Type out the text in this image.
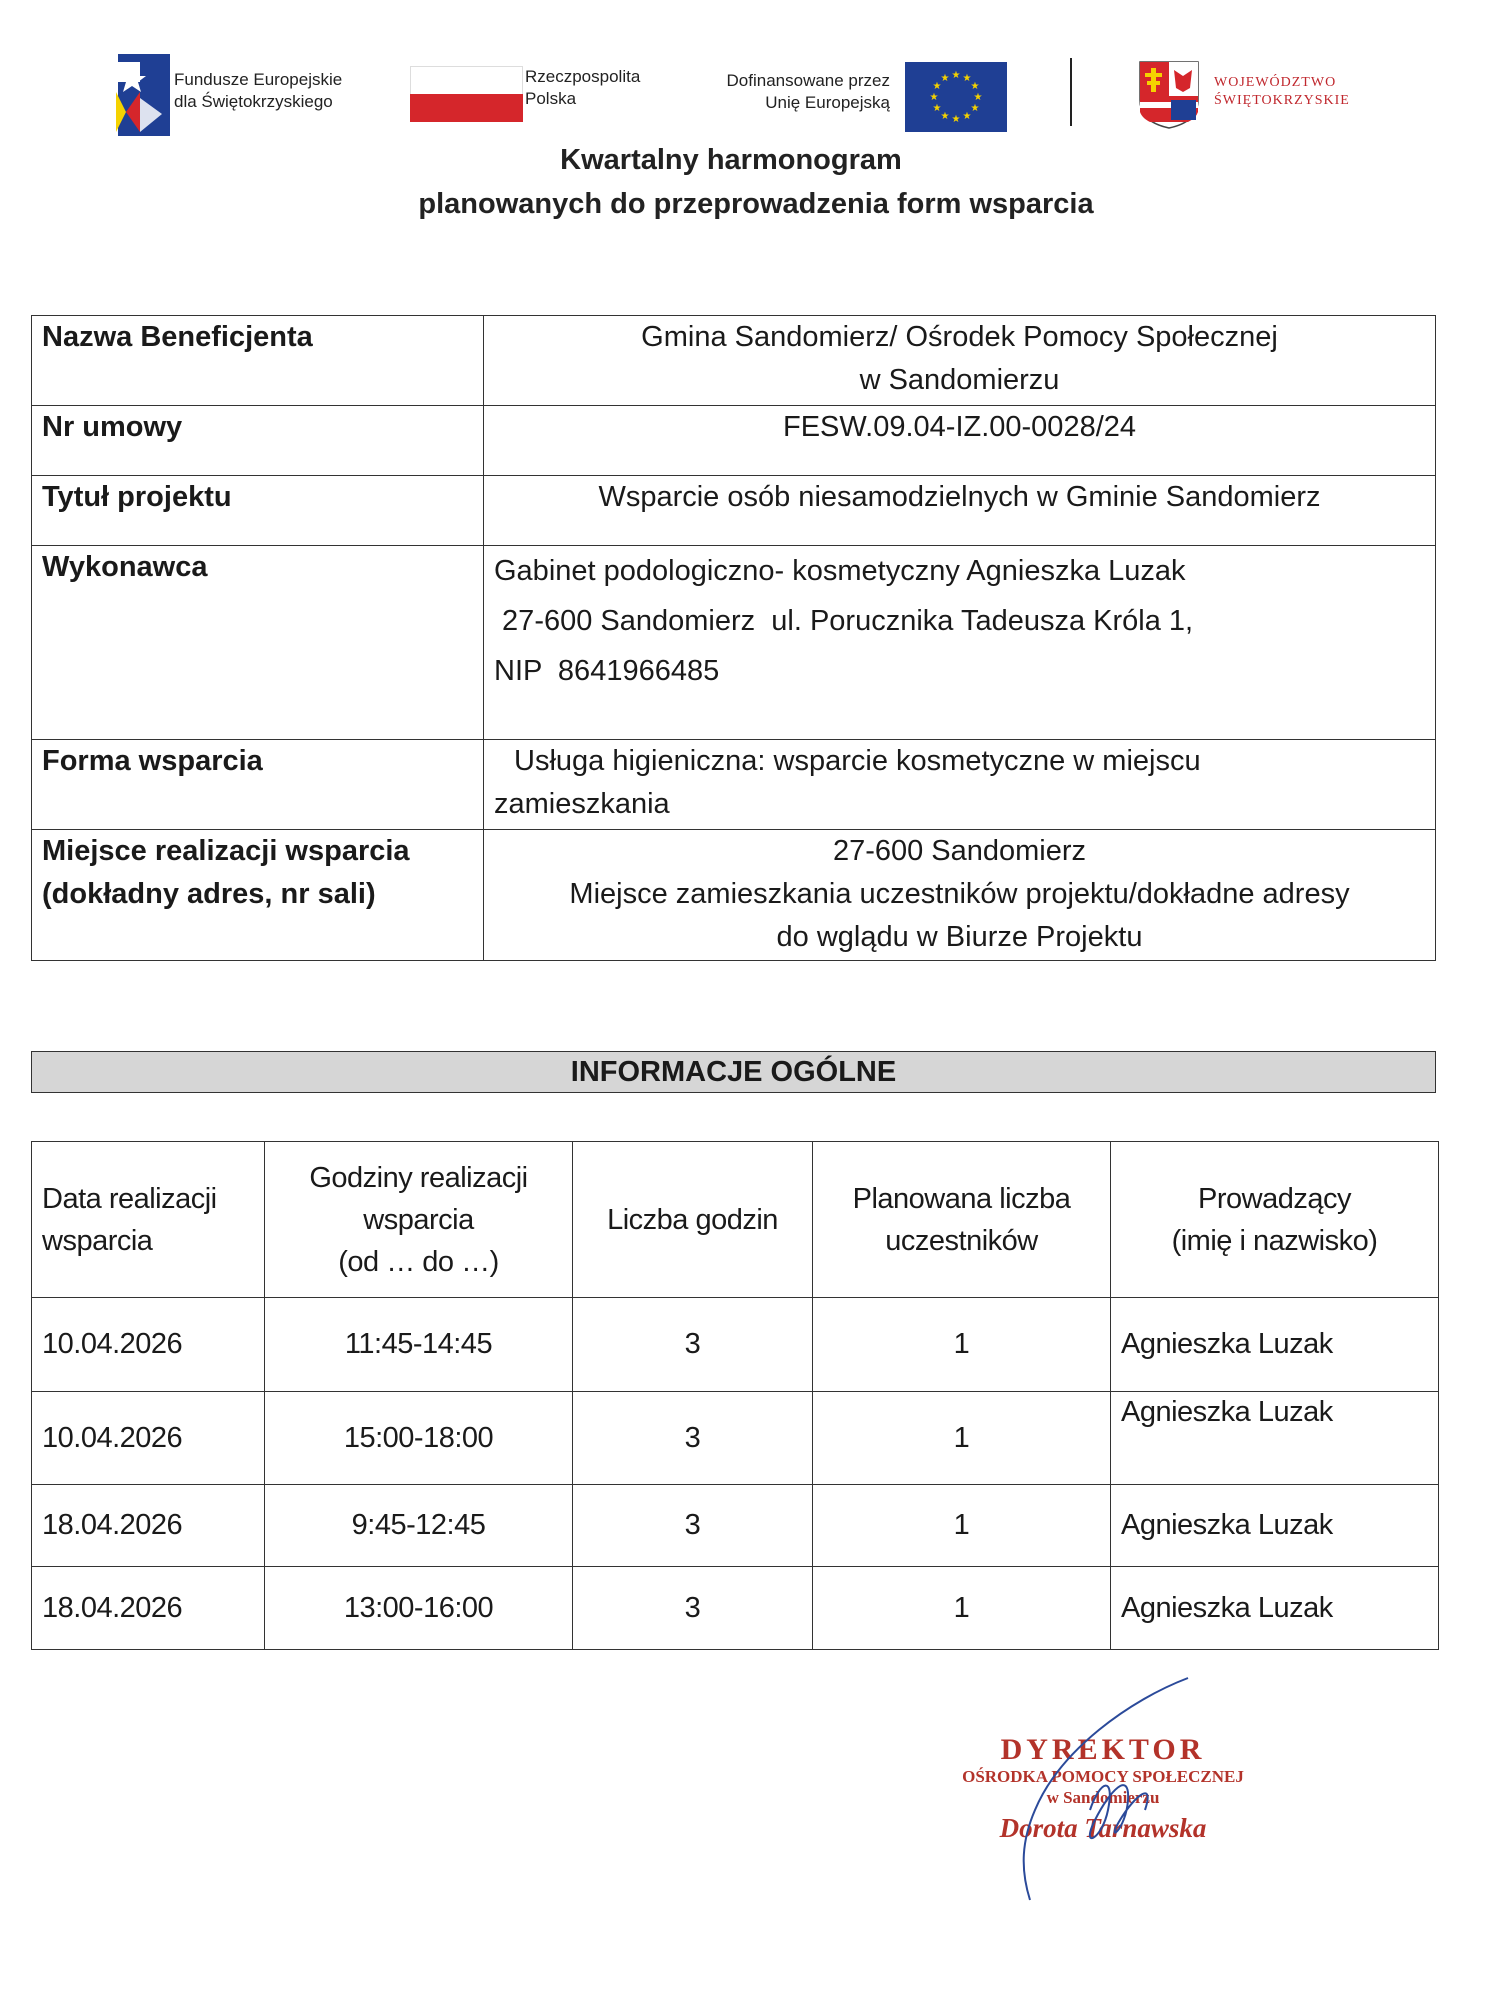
Fundusze Europejskie
dla Świętokrzyskiego
Rzeczpospolita
Polska
Dofinansowane przez
Unię Europejską
★ ★
★
★
★
★
★
★
★
★
★
★	WOJEWÓDZTWO
ŚWIĘTOKRZYSKIE
Kwartalny harmonogram
planowanych do przeprowadzenia form wsparcia
Nazwa Beneficjenta	Gmina Sandomierz/ Ośrodek Pomocy Społecznej
w Sandomierzu

Nr umowy	FESW.09.04-IZ.00-0028/24
Tytuł projektu	Wsparcie osób niesamodzielnych w Gminie Sandomierz
Wykonawca	Gabinet podologiczno- kosmetyczny Agnieszka Luzak
27-600 Sandomierz  ul. Porucznika Tadeusza Króla 1,
NIP  8641966485

Forma wsparcia	Usługa higieniczna: wsparcie kosmetyczne w miejscu
zamieszkania

Miejsce realizacji wsparcia
(dokładny adres, nr sali)	27-600 Sandomierz
Miejsce zamieszkania uczestników projektu/dokładne adresy
do wglądu w Biurze Projektu
INFORMACJE OGÓLNE
Data realizacji
wsparcia	Godziny realizacji
wsparcia
(od … do …)	Liczba godzin	Planowana liczba
uczestników	Prowadzący
(imię i nazwisko)

10.04.2026	11:45-14:45	3	1	Agnieszka Luzak
10.04.2026	15:00-18:00	3	1	Agnieszka Luzak
18.04.2026	9:45-12:45	3	1	Agnieszka Luzak
18.04.2026	13:00-16:00	3	1	Agnieszka Luzak
DYREKTOR
OŚRODKA POMOCY SPOŁECZNEJ
w Sandomierzu
Dorota Tarnawska
